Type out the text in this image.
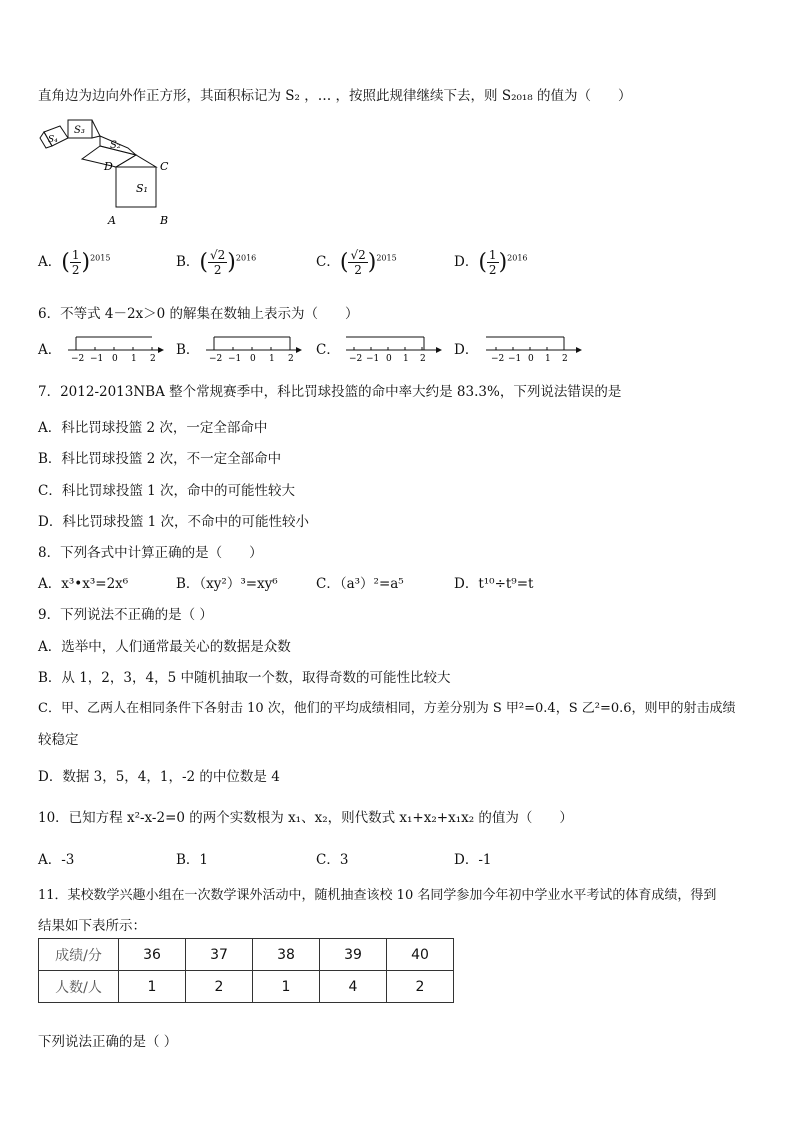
直角边为边向外作正方形，其面积标记为 S₂ ，… ，按照此规律继续下去，则 S₂₀₁₈ 的值为（　　）
S₁
S₂
S₃
S₄
A	B
C
D
A．( $\frac{1}{2} )^{2015}$	B．( $\frac{√2}{2} )^{2016}$	C．( $\frac{√2}{2} )^{2015}$	D．( $\frac{1}{2} )^{2016}$
6．不等式 4－2x＞0 的解集在数轴上表示为（　　）
A．
−2 −1 0 1 2
B．
−2 −1 0 1 2
C．
−2 −1 0 1 2
D．
−2 −1 0 1 2
7．2012-2013NBA 整个常规赛季中，科比罚球投篮的命中率大约是 83.3%，下列说法错误的是
A．科比罚球投篮 2 次，一定全部命中
B．科比罚球投篮 2 次，不一定全部命中
C．科比罚球投篮 1 次，命中的可能性较大
D．科比罚球投篮 1 次，不命中的可能性较小
8．下列各式中计算正确的是（　　）
A．x³•x³=2x⁶	B．（xy²）³=xy⁶	C．（a³）²=a⁵	D．t¹⁰÷t⁹=t
9．下列说法不正确的是（ ）
A．选举中，人们通常最关心的数据是众数
B．从 1，2，3，4，5 中随机抽取一个数，取得奇数的可能性比较大
C．甲、乙两人在相同条件下各射击 10 次，他们的平均成绩相同，方差分别为 S 甲²=0.4，S 乙²=0.6，则甲的射击成绩
较稳定
D．数据 3，5，4，1，-2 的中位数是 4
10．已知方程 x²-x-2=0 的两个实数根为 x₁、x₂，则代数式 x₁+x₂+x₁x₂ 的值为（　　）
A．-3	B．1	C．3	D．-1
11．某校数学兴趣小组在一次数学课外活动中，随机抽查该校 10 名同学参加今年初中学业水平考试的体育成绩，得到
结果如下表所示：
成绩/分	36	37	38	39	40
人数/人	1	2	1	4	2
下列说法正确的是（ ）
